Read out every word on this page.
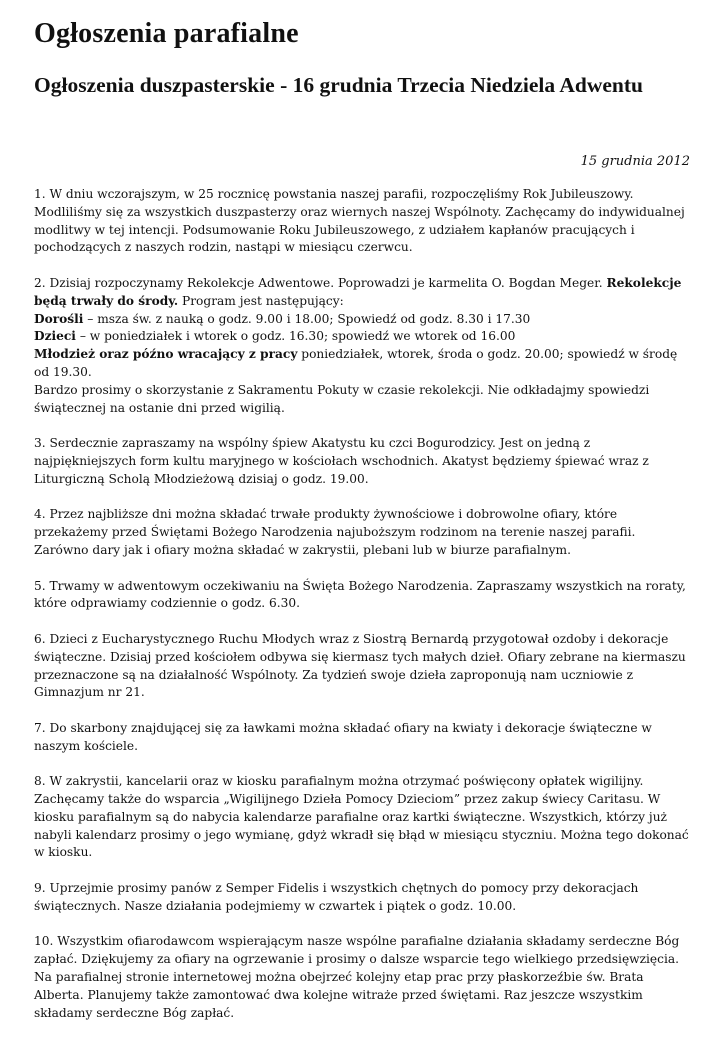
Ogłoszenia parafialne
Ogłoszenia duszpasterskie - 16 grudnia Trzecia Niedziela Adwentu
15 grudnia 2012

1. W dniu wczorajszym, w 25 rocznicę powstania naszej parafii, rozpoczęliśmy Rok Jubileuszowy. Modliliśmy się za wszystkich duszpasterzy oraz wiernych naszej Wspólnoty. Zachęcamy do indywidualnej modlitwy w tej intencji. Podsumowanie Roku Jubileuszowego, z udziałem kapłanów pracujących i pochodzących z naszych rodzin, nastąpi w miesiącu czerwcu.

2. Dzisiaj rozpoczynamy Rekolekcje Adwentowe. Poprowadzi je karmelita O. Bogdan Meger. Rekolekcje będą trwały do środy. Program jest następujący:
Dorośli – msza św. z nauką o godz. 9.00 i 18.00; Spowiedź od godz. 8.30 i 17.30
Dzieci – w poniedziałek i wtorek o godz. 16.30; spowiedź we wtorek od 16.00
Młodzież oraz późno wracający z pracy poniedziałek, wtorek, środa o godz. 20.00; spowiedź w środę od 19.30.
Bardzo prosimy o skorzystanie z Sakramentu Pokuty w czasie rekolekcji. Nie odkładajmy spowiedzi świątecznej na ostanie dni przed wigilią.

3. Serdecznie zapraszamy na wspólny śpiew Akatystu ku czci Bogurodzicy. Jest on jedną z najpiękniejszych form kultu maryjnego w kościołach wschodnich. Akatyst będziemy śpiewać wraz z Liturgiczną Scholą Młodzieżową dzisiaj o godz. 19.00.

4. Przez najbliższe dni można składać trwałe produkty żywnościowe i dobrowolne ofiary, które przekażemy przed Świętami Bożego Narodzenia najuboższym rodzinom na terenie naszej parafii. Zarówno dary jak i ofiary można składać w zakrystii, plebani lub w biurze parafialnym.

5. Trwamy w adwentowym oczekiwaniu na Święta Bożego Narodzenia. Zapraszamy wszystkich na roraty, które odprawiamy codziennie o godz. 6.30.

6. Dzieci z Eucharystycznego Ruchu Młodych wraz z Siostrą Bernardą przygotował ozdoby i dekoracje świąteczne. Dzisiaj przed kościołem odbywa się kiermasz tych małych dzieł. Ofiary zebrane na kiermaszu przeznaczone są na działalność Wspólnoty. Za tydzień swoje dzieła zaproponują nam uczniowie z Gimnazjum nr 21.

7. Do skarbony znajdującej się za ławkami można składać ofiary na kwiaty i dekoracje świąteczne w naszym kościele.

8. W zakrystii, kancelarii oraz w kiosku parafialnym można otrzymać poświęcony opłatek wigilijny. Zachęcamy także do wsparcia „Wigilijnego Dzieła Pomocy Dzieciom” przez zakup świecy Caritasu. W kiosku parafialnym są do nabycia kalendarze parafialne oraz kartki świąteczne. Wszystkich, którzy już nabyli kalendarz prosimy o jego wymianę, gdyż wkradł się błąd w miesiącu styczniu. Można tego dokonać w kiosku.

9. Uprzejmie prosimy panów z Semper Fidelis i wszystkich chętnych do pomocy przy dekoracjach świątecznych. Nasze działania podejmiemy w czwartek i piątek o godz. 10.00.

10. Wszystkim ofiarodawcom wspierającym nasze wspólne parafialne działania składamy serdeczne Bóg zapłać. Dziękujemy za ofiary na ogrzewanie i prosimy o dalsze wsparcie tego wielkiego przedsięwzięcia. Na parafialnej stronie internetowej można obejrzeć kolejny etap prac przy płaskorzeźbie św. Brata Alberta. Planujemy także zamontować dwa kolejne witraże przed świętami. Raz jeszcze wszystkim składamy serdeczne Bóg zapłać.
